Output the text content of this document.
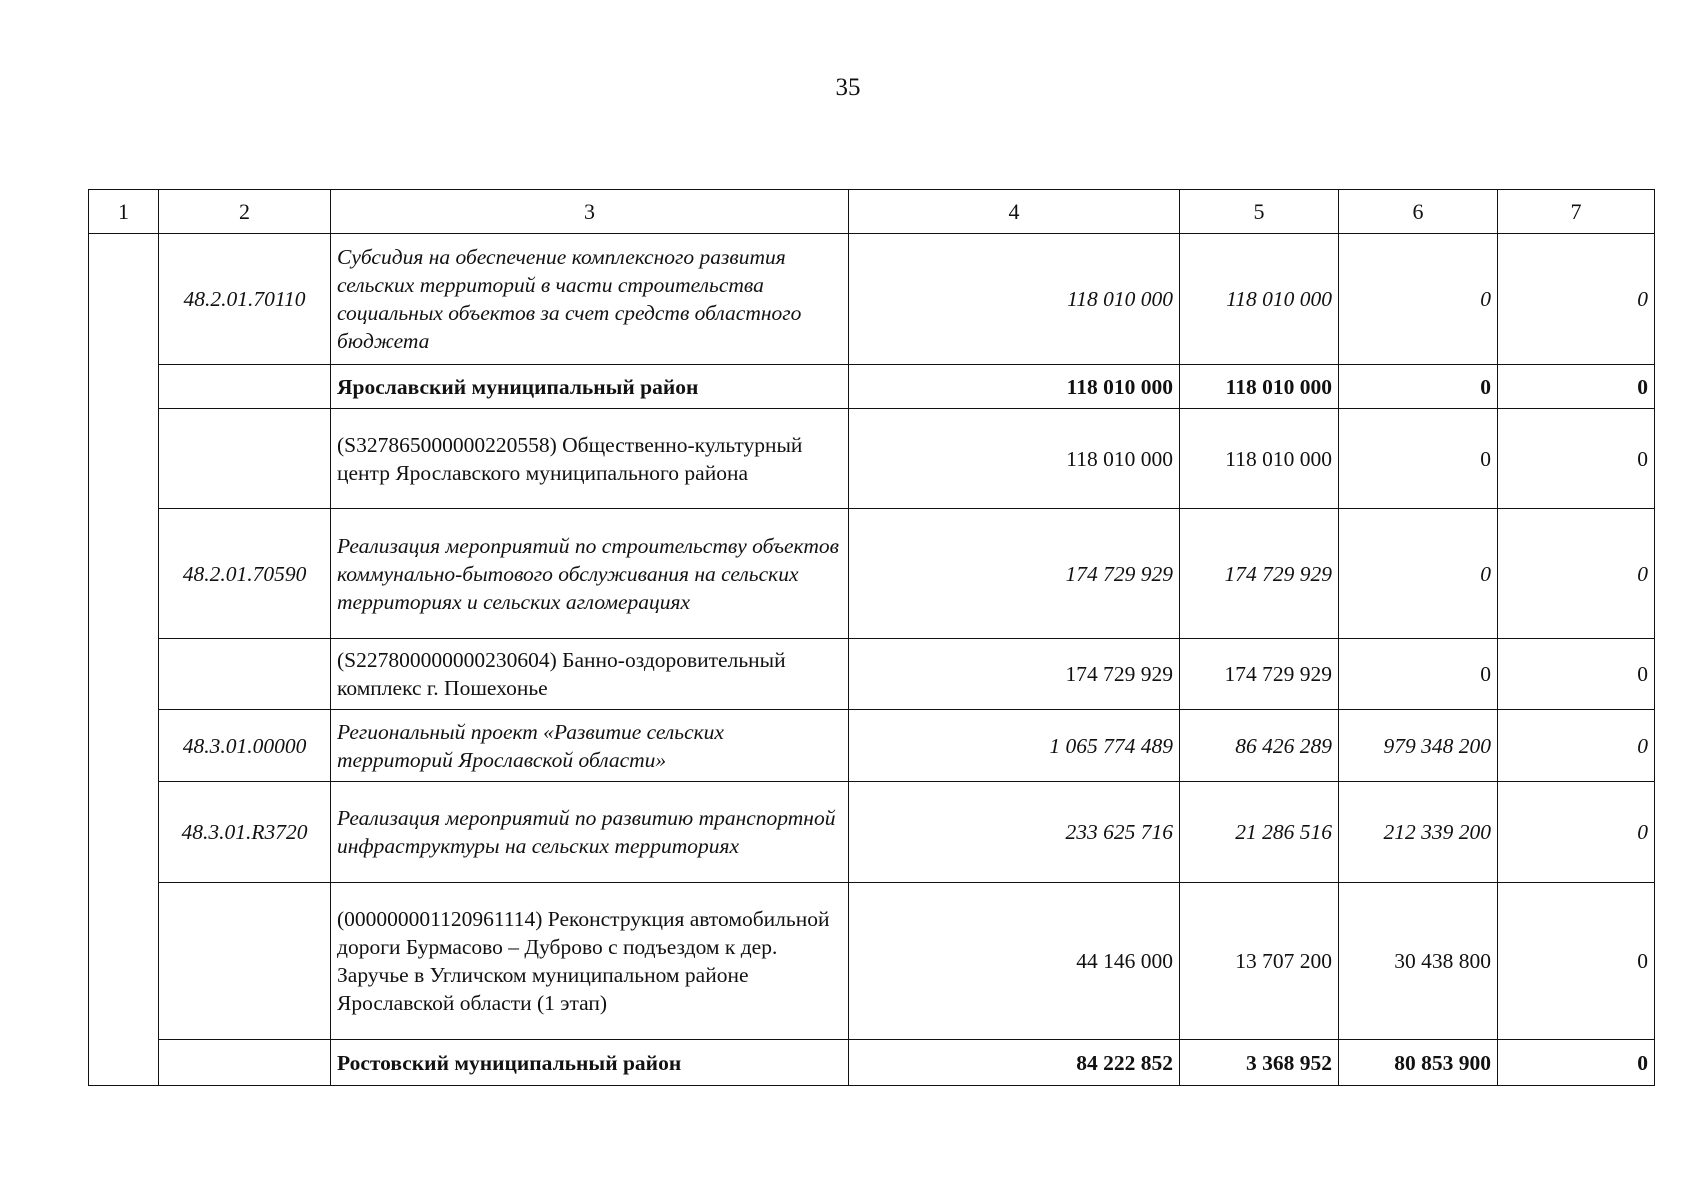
35
1	2	3	4	5	6	7
	48.2.01.70110	Субсидия на обеспечение комплексного развития сельских территорий в части строительства социальных объектов за счет средств областного бюджета	118 010 000	118 010 000	0	0
		Ярославский муниципальный район	118 010 000	118 010 000	0	0
		(S327865000000220558) Общественно-культурный центр Ярославского муниципального района	118 010 000	118 010 000	0	0
	48.2.01.70590	Реализация мероприятий по строительству объектов коммунально-бытового обслуживания на сельских территориях и сельских агломерациях	174 729 929	174 729 929	0	0
		(S227800000000230604) Банно-оздоровительный комплекс г. Пошехонье	174 729 929	174 729 929	0	0
	48.3.01.00000	Региональный проект «Развитие сельских территорий Ярославской области»	1 065 774 489	86 426 289	979 348 200	0
	48.3.01.R3720	Реализация мероприятий по развитию транспортной инфраструктуры на сельских территориях	233 625 716	21 286 516	212 339 200	0
		(000000001120961114) Реконструкция автомобильной дороги Бурмасово – Дуброво с подъездом к дер. Заручье в Угличском муниципальном районе Ярославской области (1 этап)	44 146 000	13 707 200	30 438 800	0
		Ростовский муниципальный район	84 222 852	3 368 952	80 853 900	0
